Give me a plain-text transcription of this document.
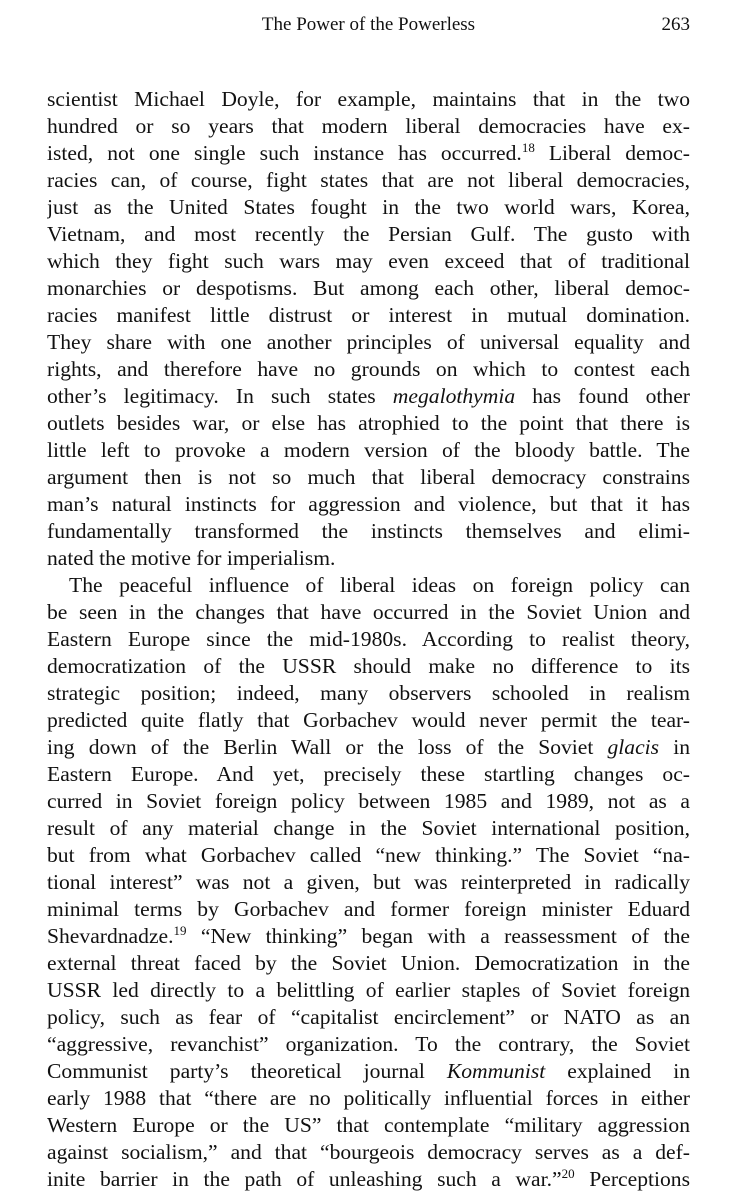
The Power of the Powerless	263
scientist Michael Doyle, for example, maintains that in the two
hundred or so years that modern liberal democracies have ex-
isted, not one single such instance has occurred.$^{18}$ Liberal democ-
racies can, of course, fight states that are not liberal democracies,
just as the United States fought in the two world wars, Korea,
Vietnam, and most recently the Persian Gulf. The gusto with
which they fight such wars may even exceed that of traditional
monarchies or despotisms. But among each other, liberal democ-
racies manifest little distrust or interest in mutual domination.
They share with one another principles of universal equality and
rights, and therefore have no grounds on which to contest each
other’s legitimacy. In such states megalothymia has found other
outlets besides war, or else has atrophied to the point that there is
little left to provoke a modern version of the bloody battle. The
argument then is not so much that liberal democracy constrains
man’s natural instincts for aggression and violence, but that it has
fundamentally transformed the instincts themselves and elimi-
nated the motive for imperialism.
The peaceful influence of liberal ideas on foreign policy can
be seen in the changes that have occurred in the Soviet Union and
Eastern Europe since the mid-1980s. According to realist theory,
democratization of the USSR should make no difference to its
strategic position; indeed, many observers schooled in realism
predicted quite flatly that Gorbachev would never permit the tear-
ing down of the Berlin Wall or the loss of the Soviet glacis in
Eastern Europe. And yet, precisely these startling changes oc-
curred in Soviet foreign policy between 1985 and 1989, not as a
result of any material change in the Soviet international position,
but from what Gorbachev called “new thinking.” The Soviet “na-
tional interest” was not a given, but was reinterpreted in radically
minimal terms by Gorbachev and former foreign minister Eduard
Shevardnadze.$^{19}$ “New thinking” began with a reassessment of the
external threat faced by the Soviet Union. Democratization in the
USSR led directly to a belittling of earlier staples of Soviet foreign
policy, such as fear of “capitalist encirclement” or NATO as an
“aggressive, revanchist” organization. To the contrary, the Soviet
Communist party’s theoretical journal Kommunist explained in
early 1988 that “there are no politically influential forces in either
Western Europe or the US” that contemplate “military aggression
against socialism,” and that “bourgeois democracy serves as a def-
inite barrier in the path of unleashing such a war.”$^{20}$ Perceptions
